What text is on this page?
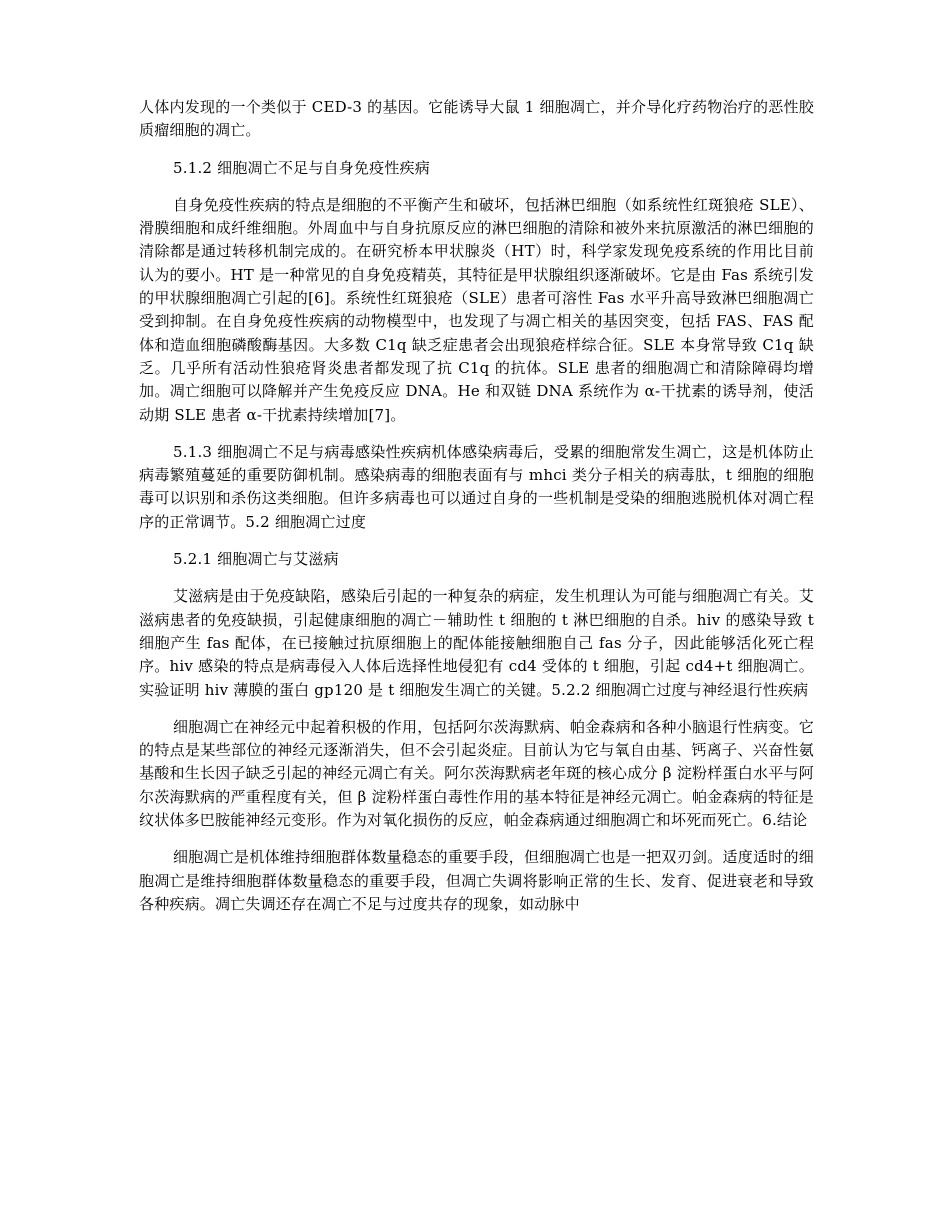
人体内发现的一个类似于 CED-3 的基因。它能诱导大鼠 1 细胞凋亡，并介导化疗药物治疗的恶性胶质瘤细胞的凋亡。

5.1.2 细胞凋亡不足与自身免疫性疾病

自身免疫性疾病的特点是细胞的不平衡产生和破坏，包括淋巴细胞（如系统性红斑狼疮 SLE）、滑膜细胞和成纤维细胞。外周血中与自身抗原反应的淋巴细胞的清除和被外来抗原激活的淋巴细胞的清除都是通过转移机制完成的。在研究桥本甲状腺炎（HT）时，科学家发现免疫系统的作用比目前认为的要小。HT 是一种常见的自身免疫精英，其特征是甲状腺组织逐渐破坏。它是由 Fas 系统引发的甲状腺细胞凋亡引起的[6]。系统性红斑狼疮（SLE）患者可溶性 Fas 水平升高导致淋巴细胞凋亡受到抑制。在自身免疫性疾病的动物模型中，也发现了与凋亡相关的基因突变，包括 FAS、FAS 配体和造血细胞磷酸酶基因。大多数 C1q 缺乏症患者会出现狼疮样综合征。SLE 本身常导致 C1q 缺乏。几乎所有活动性狼疮肾炎患者都发现了抗 C1q 的抗体。SLE 患者的细胞凋亡和清除障碍均增加。凋亡细胞可以降解并产生免疫反应 DNA。He 和双链 DNA 系统作为 α-干扰素的诱导剂，使活动期 SLE 患者 α-干扰素持续增加[7]。

5.1.3 细胞凋亡不足与病毒感染性疾病机体感染病毒后，受累的细胞常发生凋亡，这是机体防止病毒繁殖蔓延的重要防御机制。感染病毒的细胞表面有与 mhci 类分子相关的病毒肽，t 细胞的细胞毒可以识别和杀伤这类细胞。但许多病毒也可以通过自身的一些机制是受染的细胞逃脱机体对凋亡程序的正常调节。5.2 细胞凋亡过度

5.2.1 细胞凋亡与艾滋病

艾滋病是由于免疫缺陷，感染后引起的一种复杂的病症，发生机理认为可能与细胞凋亡有关。艾滋病患者的免疫缺损，引起健康细胞的凋亡－辅助性 t 细胞的 t 淋巴细胞的自杀。hiv 的感染导致 t 细胞产生 fas 配体，在已接触过抗原细胞上的配体能接触细胞自己 fas 分子，因此能够活化死亡程序。hiv 感染的特点是病毒侵入人体后选择性地侵犯有 cd4 受体的 t 细胞，引起 cd4+t 细胞凋亡。实验证明 hiv 薄膜的蛋白 gp120 是 t 细胞发生凋亡的关键。5.2.2 细胞凋亡过度与神经退行性疾病

细胞凋亡在神经元中起着积极的作用，包括阿尔茨海默病、帕金森病和各种小脑退行性病变。它的特点是某些部位的神经元逐渐消失，但不会引起炎症。目前认为它与氧自由基、钙离子、兴奋性氨基酸和生长因子缺乏引起的神经元凋亡有关。阿尔茨海默病老年斑的核心成分 β 淀粉样蛋白水平与阿尔茨海默病的严重程度有关，但 β 淀粉样蛋白毒性作用的基本特征是神经元凋亡。帕金森病的特征是纹状体多巴胺能神经元变形。作为对氧化损伤的反应，帕金森病通过细胞凋亡和坏死而死亡。6.结论

细胞凋亡是机体维持细胞群体数量稳态的重要手段，但细胞凋亡也是一把双刃剑。适度适时的细胞凋亡是维持细胞群体数量稳态的重要手段，但凋亡失调将影响正常的生长、发育、促进衰老和导致各种疾病。凋亡失调还存在凋亡不足与过度共存的现象，如动脉中
